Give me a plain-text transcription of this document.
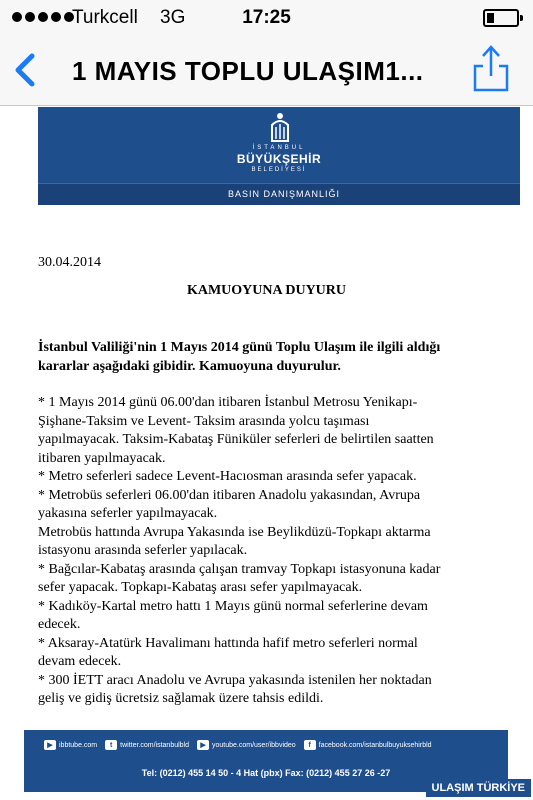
Turkcell 3G	17:25
1 MAYIS TOPLU ULAŞIM1...
İSTANBUL
BÜYÜKŞEHİR
BELEDİYESİ
BASIN DANIŞMANLIĞI
30.04.2014
KAMUOYUNA DUYURU

İstanbul Valiliği'nin 1 Mayıs 2014 günü Toplu Ulaşım ile ilgili aldığı

kararlar aşağıdaki gibidir. Kamuoyuna duyurulur.

* 1 Mayıs 2014 günü 06.00'dan itibaren İstanbul Metrosu Yenikapı-

Şişhane-Taksim ve Levent- Taksim arasında yolcu taşıması

yapılmayacak. Taksim-Kabataş Füniküler seferleri de belirtilen saatten

itibaren yapılmayacak.

* Metro seferleri sadece Levent-Hacıosman arasında sefer yapacak.

* Metrobüs seferleri 06.00'dan itibaren Anadolu yakasından, Avrupa

yakasına seferler yapılmayacak.

Metrobüs hattında Avrupa Yakasında ise Beylikdüzü-Topkapı aktarma

istasyonu arasında seferler yapılacak.

* Bağcılar-Kabataş arasında çalışan tramvay Topkapı istasyonuna kadar

sefer yapacak. Topkapı-Kabataş arası sefer yapılmayacak.

* Kadıköy-Kartal metro hattı 1 Mayıs günü normal seferlerine devam

edecek.

* Aksaray-Atatürk Havalimanı hattında hafif metro seferleri normal

devam edecek.

* 300 İETT aracı Anadolu ve Avrupa yakasında istenilen her noktadan

geliş ve gidiş ücretsiz sağlamak üzere tahsis edildi.

▶ ibbtube.com	t	twitter.com/istanbulbld	▶ youtube.com/user/ibbvideo	f	facebook.com/istanbulbuyuksehirbld
Tel: (0212) 455 14 50 - 4 Hat (pbx) Fax: (0212) 455 27 26 -27
ULAŞIM TÜRKİYE
